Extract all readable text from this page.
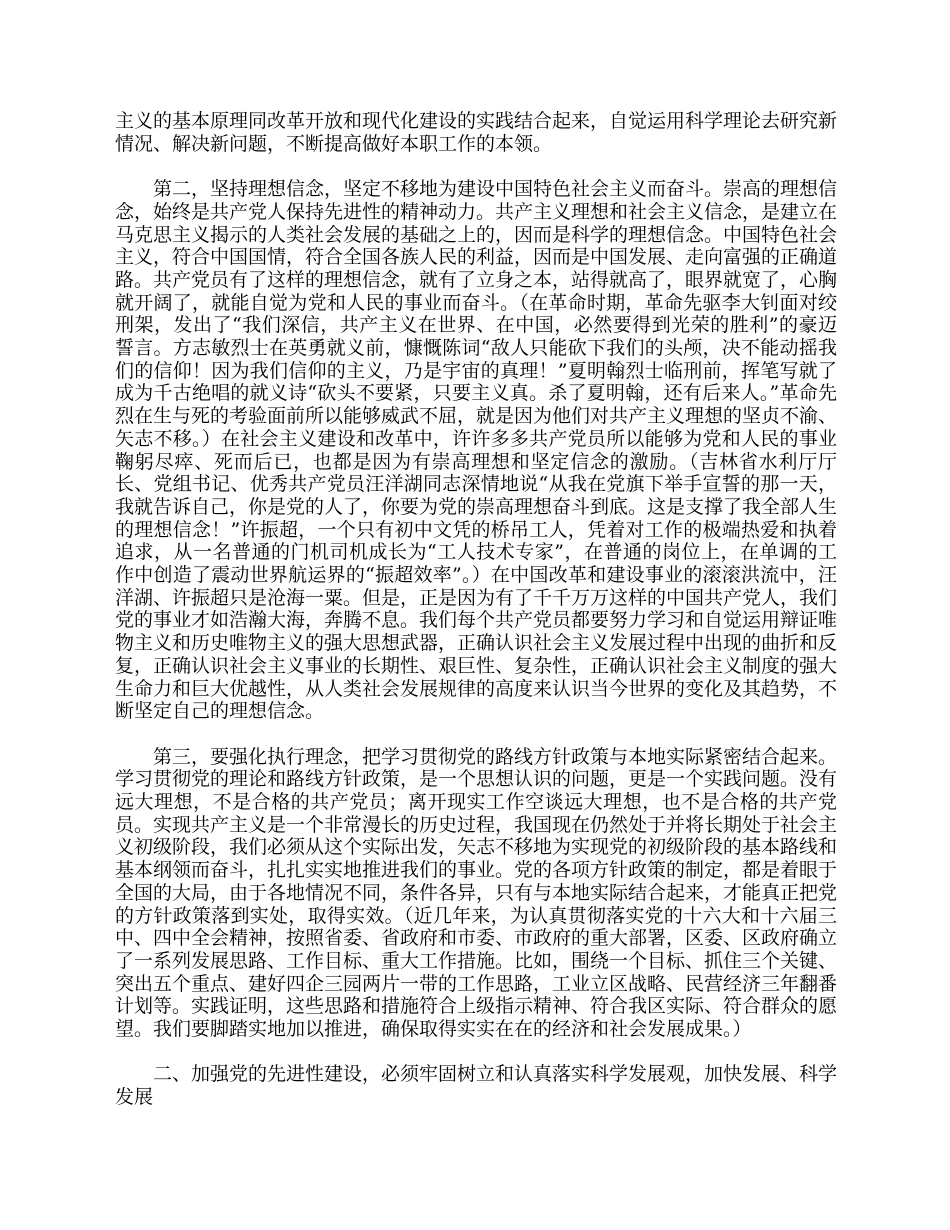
主义的基本原理同改革开放和现代化建设的实践结合起来，自觉运用科学理论去研究新情况、解决新问题，不断提高做好本职工作的本领。

第二，坚持理想信念，坚定不移地为建设中国特色社会主义而奋斗。崇高的理想信念，始终是共产党人保持先进性的精神动力。共产主义理想和社会主义信念，是建立在马克思主义揭示的人类社会发展的基础之上的，因而是科学的理想信念。中国特色社会主义，符合中国国情，符合全国各族人民的利益，因而是中国发展、走向富强的正确道路。共产党员有了这样的理想信念，就有了立身之本，站得就高了，眼界就宽了，心胸就开阔了，就能自觉为党和人民的事业而奋斗。（在革命时期，革命先驱李大钊面对绞刑架，发出了“我们深信，共产主义在世界、在中国，必然要得到光荣的胜利”的豪迈誓言。方志敏烈士在英勇就义前，慷慨陈词“敌人只能砍下我们的头颅，决不能动摇我们的信仰！因为我们信仰的主义，乃是宇宙的真理！”夏明翰烈士临刑前，挥笔写就了成为千古绝唱的就义诗“砍头不要紧，只要主义真。杀了夏明翰，还有后来人。”革命先烈在生与死的考验面前所以能够威武不屈，就是因为他们对共产主义理想的坚贞不渝、矢志不移。）在社会主义建设和改革中，许许多多共产党员所以能够为党和人民的事业鞠躬尽瘁、死而后已，也都是因为有崇高理想和坚定信念的激励。（吉林省水利厅厅长、党组书记、优秀共产党员汪洋湖同志深情地说“从我在党旗下举手宣誓的那一天，我就告诉自己，你是党的人了，你要为党的崇高理想奋斗到底。这是支撑了我全部人生的理想信念！”许振超，一个只有初中文凭的桥吊工人，凭着对工作的极端热爱和执着追求，从一名普通的门机司机成长为“工人技术专家”，在普通的岗位上，在单调的工作中创造了震动世界航运界的“振超效率”。）在中国改革和建设事业的滚滚洪流中，汪洋湖、许振超只是沧海一粟。但是，正是因为有了千千万万这样的中国共产党人，我们党的事业才如浩瀚大海，奔腾不息。我们每个共产党员都要努力学习和自觉运用辩证唯物主义和历史唯物主义的强大思想武器，正确认识社会主义发展过程中出现的曲折和反复，正确认识社会主义事业的长期性、艰巨性、复杂性，正确认识社会主义制度的强大生命力和巨大优越性，从人类社会发展规律的高度来认识当今世界的变化及其趋势，不断坚定自己的理想信念。

第三，要强化执行理念，把学习贯彻党的路线方针政策与本地实际紧密结合起来。学习贯彻党的理论和路线方针政策，是一个思想认识的问题，更是一个实践问题。没有远大理想，不是合格的共产党员；离开现实工作空谈远大理想，也不是合格的共产党员。实现共产主义是一个非常漫长的历史过程，我国现在仍然处于并将长期处于社会主义初级阶段，我们必须从这个实际出发，矢志不移地为实现党的初级阶段的基本路线和基本纲领而奋斗，扎扎实实地推进我们的事业。党的各项方针政策的制定，都是着眼于全国的大局，由于各地情况不同，条件各异，只有与本地实际结合起来，才能真正把党的方针政策落到实处，取得实效。（近几年来，为认真贯彻落实党的十六大和十六届三中、四中全会精神，按照省委、省政府和市委、市政府的重大部署，区委、区政府确立了一系列发展思路、工作目标、重大工作措施。比如，围绕一个目标、抓住三个关键、突出五个重点、建好四企三园两片一带的工作思路，工业立区战略、民营经济三年翻番计划等。实践证明，这些思路和措施符合上级指示精神、符合我区实际、符合群众的愿望。我们要脚踏实地加以推进，确保取得实实在在的经济和社会发展成果。）

二、加强党的先进性建设，必须牢固树立和认真落实科学发展观，加快发展、科学发展
